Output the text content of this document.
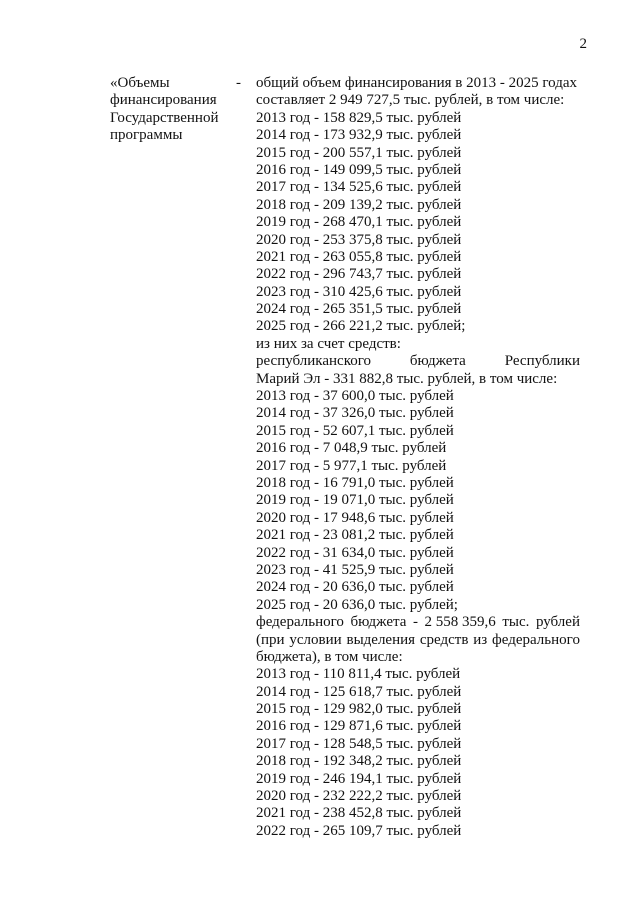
2
«Объемы
финансирования
Государственной
программы
- общий объем финансирования в 2013 - 2025 годах
составляет 2 949 727,5 тыс. рублей, в том числе:
2013 год - 158 829,5 тыс. рублей
2014 год - 173 932,9 тыс. рублей
2015 год - 200 557,1 тыс. рублей
2016 год - 149 099,5 тыс. рублей
2017 год - 134 525,6 тыс. рублей
2018 год - 209 139,2 тыс. рублей
2019 год - 268 470,1 тыс. рублей
2020 год - 253 375,8 тыс. рублей
2021 год - 263 055,8 тыс. рублей
2022 год - 296 743,7 тыс. рублей
2023 год - 310 425,6 тыс. рублей
2024 год - 265 351,5 тыс. рублей
2025 год - 266 221,2 тыс. рублей;
из них за счет средств:
республиканского	бюджета	Республики
Марий Эл - 331 882,8 тыс. рублей, в том числе:
2013 год - 37 600,0 тыс. рублей
2014 год - 37 326,0 тыс. рублей
2015 год - 52 607,1 тыс. рублей
2016 год - 7 048,9 тыс. рублей
2017 год - 5 977,1 тыс. рублей
2018 год - 16 791,0 тыс. рублей
2019 год - 19 071,0 тыс. рублей
2020 год - 17 948,6 тыс. рублей
2021 год - 23 081,2 тыс. рублей
2022 год - 31 634,0 тыс. рублей
2023 год - 41 525,9 тыс. рублей
2024 год - 20 636,0 тыс. рублей
2025 год - 20 636,0 тыс. рублей;
федерального бюджета - 2 558 359,6 тыс. рублей
(при условии выделения средств из федерального
бюджета), в том числе:
2013 год - 110 811,4 тыс. рублей
2014 год - 125 618,7 тыс. рублей
2015 год - 129 982,0 тыс. рублей
2016 год - 129 871,6 тыс. рублей
2017 год - 128 548,5 тыс. рублей
2018 год - 192 348,2 тыс. рублей
2019 год - 246 194,1 тыс. рублей
2020 год - 232 222,2 тыс. рублей
2021 год - 238 452,8 тыс. рублей
2022 год - 265 109,7 тыс. рублей
